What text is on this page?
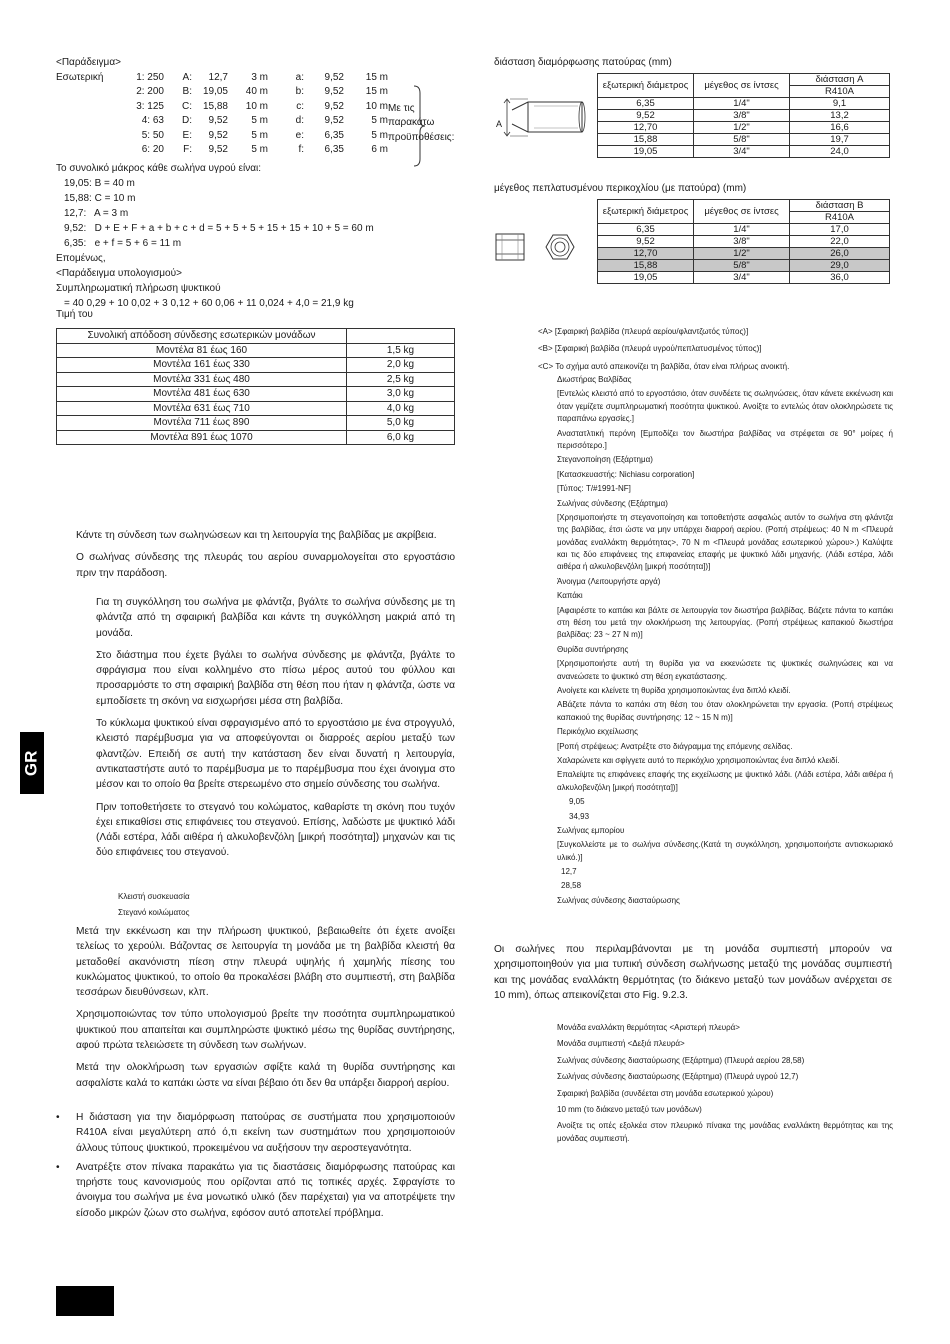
<Παράδειγμα>
Εσωτερική	1: 250	A:	12,7	3 m	a:	9,52	15 m
2: 200	B:	19,05	40 m	b:	9,52	15 m
3: 125	C:	15,88	10 m	c:	9,52	10 m
4: 63	D:	9,52	5 m	d:	9,52	5 m
5: 50	E:	9,52	5 m	e:	6,35	5 m
6: 20	F:	9,52	5 m	f:	6,35	6 m
Με τις παρακάτω προϋποθέσεις:
Το συνολικό μάκρος κάθε σωλήνα υγρού είναι:
19,05: B = 40 m
15,88: C = 10 m
12,7:   A = 3 m
9,52:   D + E + F + a + b + c + d = 5 + 5 + 5 + 15 + 15 + 10 + 5 = 60 m
6,35:   e + f = 5 + 6 = 11 m
Επομένως,
<Παράδειγμα υπολογισμού>
Συμπληρωματική πλήρωση ψυκτικού
= 40 0,29 + 10 0,02 + 3 0,12 + 60 0,06 + 11 0,024 + 4,0 = 21,9 kg
Τιμή του
Συνολική απόδοση σύνδεσης εσωτερικών μονάδων	
Μοντέλα 81 έως 160	1,5 kg
Μοντέλα 161 έως 330	2,0 kg
Μοντέλα 331 έως 480	2,5 kg
Μοντέλα 481 έως 630	3,0 kg
Μοντέλα 631 έως 710	4,0 kg
Μοντέλα 711 έως 890	5,0 kg
Μοντέλα 891 έως 1070	6,0 kg

Κάντε τη σύνδεση των σωληνώσεων και τη λειτουργία της βαλβίδας με ακρίβεια.

Ο σωλήνας σύνδεσης της πλευράς του αερίου συναρμολογείται στο εργοστάσιο πριν την παράδοση.

Για τη συγκόλληση του σωλήνα με φλάντζα, βγάλτε το σωλήνα σύνδεσης με τη φλάντζα από τη σφαιρική βαλβίδα και κάντε τη συγκόλληση μακριά από τη μονάδα.

Στο διάστημα που έχετε βγάλει το σωλήνα σύνδεσης με φλάντζα, βγάλτε το σφράγισμα που είναι κολλημένο στο πίσω μέρος αυτού του φύλλου και προσαρμόστε το στη σφαιρική βαλβίδα στη θέση που ήταν η φλάντζα, ώστε να εμποδίσετε τη σκόνη να εισχωρήσει μέσα στη βαλβίδα.

Το κύκλωμα ψυκτικού είναι σφραγισμένο από το εργοστάσιο με ένα στρογγυλό, κλειστό παρέμβυσμα για να αποφεύγονται οι διαρροές αερίου μεταξύ των φλαντζών. Επειδή σε αυτή την κατάσταση δεν είναι δυνατή η λειτουργία, αντικαταστήστε αυτό το παρέμβυσμα με το παρέμβυσμα που έχει άνοιγμα στο μέσον και το οποίο θα βρείτε στερεωμένο στο σημείο σύνδεσης του σωλήνα.

Πριν τοποθετήσετε το στεγανό του κολώματος, καθαρίστε τη σκόνη που τυχόν έχει επικαθίσει στις επιφάνειες του στεγανού. Επίσης, λαδώστε με ψυκτικό λάδι (Λάδι εστέρα, λάδι αιθέρα ή αλκυλοβενζόλη [μικρή ποσότητα]) μηχανών και τις δύο επιφάνειες του στεγανού.

Κλειστή συσκευασία
Στεγανό κοιλώματος

Μετά την εκκένωση και την πλήρωση ψυκτικού, βεβαιωθείτε ότι έχετε ανοίξει τελείως το χερούλι. Βάζοντας σε λειτουργία τη μονάδα με τη βαλβίδα κλειστή θα μεταδοθεί ακανόνιστη πίεση στην πλευρά υψηλής ή χαμηλής πίεσης του κυκλώματος ψυκτικού, το οποίο θα προκαλέσει βλάβη στο συμπιεστή, στη βαλβίδα τεσσάρων διευθύνσεων, κλπ.

Χρησιμοποιώντας τον τύπο υπολογισμού βρείτε την ποσότητα συμπληρωματικού ψυκτικού που απαιτείται και συμπληρώστε ψυκτικό μέσω της θυρίδας συντήρησης, αφού πρώτα τελειώσετε τη σύνδεση των σωλήνων.

Μετά την ολοκλήρωση των εργασιών σφίξτε καλά τη θυρίδα συντήρησης και ασφαλίστε καλά το καπάκι ώστε να είναι βέβαιο ότι δεν θα υπάρξει διαρροή αερίου.

• Η διάσταση για την διαμόρφωση πατούρας σε συστήματα που χρησιμοποιούν R410A είναι μεγαλύτερη από ό,τι εκείνη των συστημάτων που χρησιμοποιούν άλλους τύπους ψυκτικού, προκειμένου να αυξήσουν την αεροστεγανότητα.
• Ανατρέξτε στον πίνακα παρακάτω για τις διαστάσεις διαμόρφωσης πατούρας και τηρήστε τους κανονισμούς που ορίζονται από τις τοπικές αρχές. Σφραγίστε το άνοιγμα του σωλήνα με ένα μονωτικό υλικό (δεν παρέχεται) για να αποτρέψετε την είσοδο μικρών ζώων στο σωλήνα, εφόσον αυτό αποτελεί πρόβλημα.
GR
διάσταση διαμόρφωσης πατούρας (mm)
A
εξωτερική διάμετρος	μέγεθος σε ίντσες	διάσταση A
		R410A
6,35	1/4"	9,1
9,52	3/8"	13,2
12,70	1/2"	16,6
15,88	5/8"	19,7
19,05	3/4"	24,0
μέγεθος πεπλατυσμένου περικοχλίου (με πατούρα) (mm)
εξωτερική διάμετρος	μέγεθος σε ίντσες	διάσταση B
		R410A
6,35	1/4"	17,0
9,52	3/8"	22,0
12,70	1/2"	26,0
15,88	5/8"	29,0
19,05	3/4"	36,0
<A> [Σφαιρική βαλβίδα (πλευρά αερίου/φλαντζωτός τύπος)]
<B> [Σφαιρική βαλβίδα (πλευρά υγρού/πεπλατυσμένος τύπος)]
<C> Το σχήμα αυτό απεικονίζει τη βαλβίδα, όταν είναι πλήρως ανοικτή.
Διωστήρας Βαλβίδας
[Εντελώς κλειστό από το εργοστάσιο, όταν συνδέετε τις σωληνώσεις, όταν κάνετε εκκένωση και όταν γεμίζετε συμπληρωματική ποσότητα ψυκτικού. Ανοίξτε το εντελώς όταν ολοκληρώσετε τις παραπάνω εργασίες.]
Αναστατλτική περόνη [Εμποδίζει τον διωστήρα βαλβίδας να στρέφεται σε 90° μοίρες ή περισσότερο.]
Στεγανοποίηση (Εξάρτημα)
[Κατασκευαστής: Nichiasu corporation]
[Τύπος: T/#1991-NF]
Σωλήνας σύνδεσης (Εξάρτημα)
[Χρησιμοποιήστε τη στεγανοποίηση και τοποθετήστε ασφαλώς αυτόν το σωλήνα στη φλάντζα της βαλβίδας, έτσι ώστε να μην υπάρχει διαρροή αερίου. (Ροπή στρέψεως: 40 N m <Πλευρά μονάδας εναλλάκτη θερμότητας>, 70 N m <Πλευρά μονάδας εσωτερικού χώρου>.) Καλύψτε και τις δύο επιφάνειες της επιφανείας επαφής με ψυκτικό λάδι μηχανής. (Λάδι εστέρα, λάδι αιθέρα ή αλκυλοβενζόλη [μικρή ποσότητα])]
Άνοιγμα (Λειτουργήστε αργά)
Καπάκι
[Αφαιρέστε το καπάκι και βάλτε σε λειτουργία τον διωστήρα βαλβίδας. Βάζετε πάντα το καπάκι στη θέση του μετά την ολοκλήρωση της λειτουργίας. (Ροπή στρέψεως καπακιού διωστήρα βαλβίδας: 23 ~ 27 N m)]
Θυρίδα συντήρησης
[Χρησιμοποιήστε αυτή τη θυρίδα για να εκκενώσετε τις ψυκτικές σωληνώσεις και να ανανεώσετε το ψυκτικό στη θέση εγκατάστασης.
Ανοίγετε και κλείνετε τη θυρίδα χρησιμοποιώντας ένα διπλό κλειδί.
ΑΒάζετε πάντα το καπάκι στη θέση του όταν ολοκληρώνεται την εργασία. (Ροπή στρέψεως καπακιού της θυρίδας συντήρησης: 12 ~ 15 N m)]
Περικόχλιο εκχείλωσης
[Ροπή στρέψεως: Ανατρέξτε στο διάγραμμα της επόμενης σελίδας.
Χαλαρώνετε και σφίγγετε αυτό το περικόχλιο χρησιμοποιώντας ένα διπλό κλειδί.
Επαλείψτε τις επιφάνειες επαφής της εκχείλωσης με ψυκτικό λάδι. (Λάδι εστέρα, λάδι αιθέρα ή αλκυλοβενζόλη [μικρή ποσότητα])]
9,05
34,93
Σωλήνας εμπορίου
[Συγκολλείστε με το σωλήνα σύνδεσης.(Κατά τη συγκόλληση, χρησιμοποιήστε αντισκωριακό υλικό.)]
12,7
28,58
Σωλήνας σύνδεσης διασταύρωσης
Οι σωλήνες που περιλαμβάνονται με τη μονάδα συμπιεστή μπορούν να χρησιμοποιηθούν για μια τυπική σύνδεση σωλήνωσης μεταξύ της μονάδας συμπιεστή και της μονάδας εναλλάκτη θερμότητας (το διάκενο μεταξύ των μονάδων ανέρχεται σε 10 mm), όπως απεικονίζεται στο Fig. 9.2.3.
Μονάδα εναλλάκτη θερμότητας <Αριστερή πλευρά>
Μονάδα συμπιεστή <Δεξιά πλευρά>
Σωλήνας σύνδεσης διασταύρωσης (Εξάρτημα) (Πλευρά αερίου 28,58)
Σωλήνας σύνδεσης διασταύρωσης (Εξάρτημα) (Πλευρά υγρού 12,7)
Σφαιρική βαλβίδα (συνδέεται στη μονάδα εσωτερικού χώρου)
10 mm (το διάκενο μεταξύ των μονάδων)
Ανοίξτε τις οπές εξολκέα στον πλευρικό πίνακα της μονάδας εναλλάκτη θερμότητας και της μονάδας συμπιεστή.
